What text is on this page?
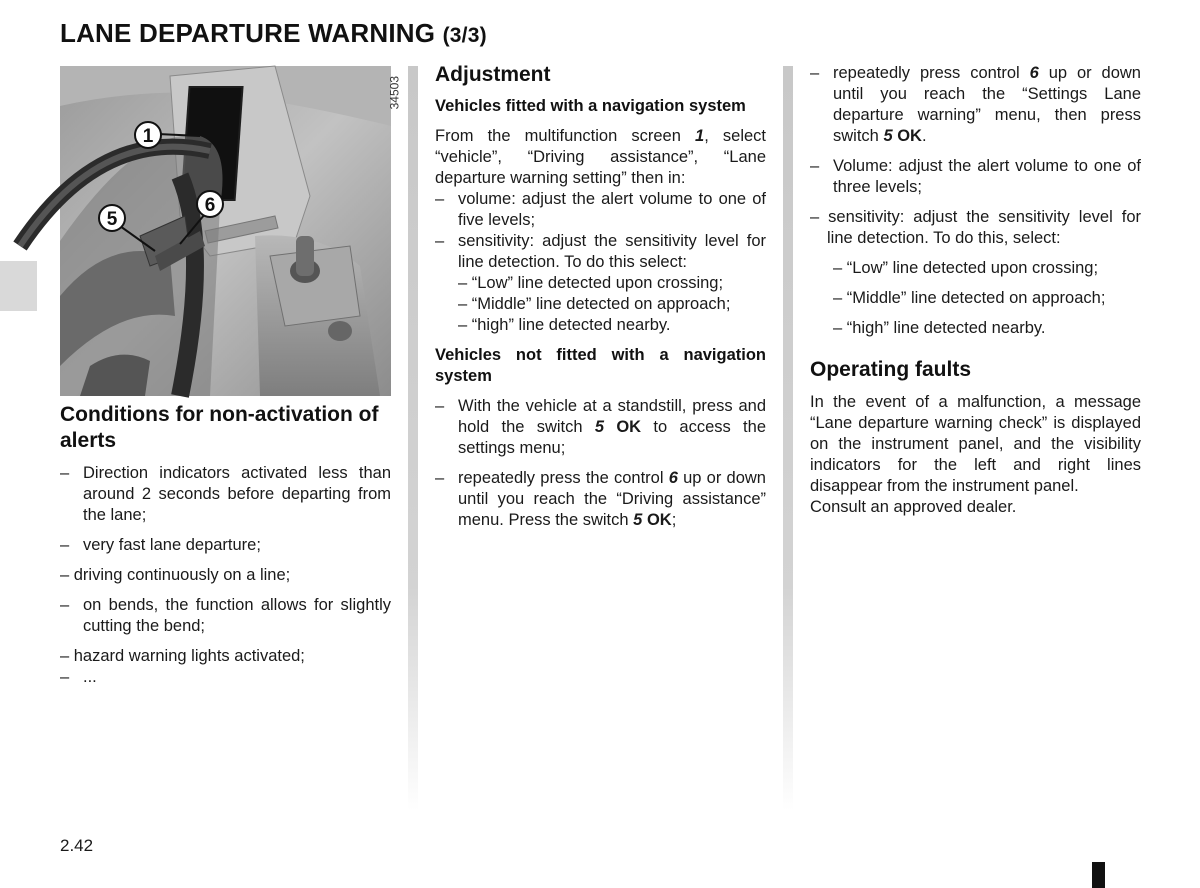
LANE DEPARTURE WARNING (3/3)
1
5
6
34503
Conditions for non-activation of alerts
– Direction indicators activated less than around 2 seconds before departing from the lane;
– very fast lane departure;
– driving continuously on a line;
– on bends, the function allows for slightly cutting the bend;
– hazard warning lights activated;
– ...
Adjustment
Vehicles fitted with a navigation system

From the multifunction screen 1, select “vehicle”, “Driving assistance”, “Lane departure warning setting” then in:

– volume: adjust the alert volume to one of five levels;
– sensitivity: adjust the sensitivity level for line detection. To do this select:
– “Low” line detected upon crossing;
– “Middle” line detected on approach;
– “high” line detected nearby.
Vehicles not fitted with a navigation system
– With the vehicle at a standstill, press and hold the switch 5 OK to access the settings menu;
– repeatedly press the control 6 up or down until you reach the “Driving assistance” menu. Press the switch 5 OK;
– repeatedly press control 6 up or down until you reach the “Settings Lane departure warning” menu, then press switch 5 OK.
– Volume: adjust the alert volume to one of three levels;
– sensitivity: adjust the sensitivity level for line detection. To do this, select:
– “Low” line detected upon crossing;
– “Middle” line detected on approach;
– “high” line detected nearby.
Operating faults

In the event of a malfunction, a message “Lane departure warning check” is displayed on the instrument panel, and the visibility indicators for the left and right lines disappear from the instrument panel.

Consult an approved dealer.

2.42
